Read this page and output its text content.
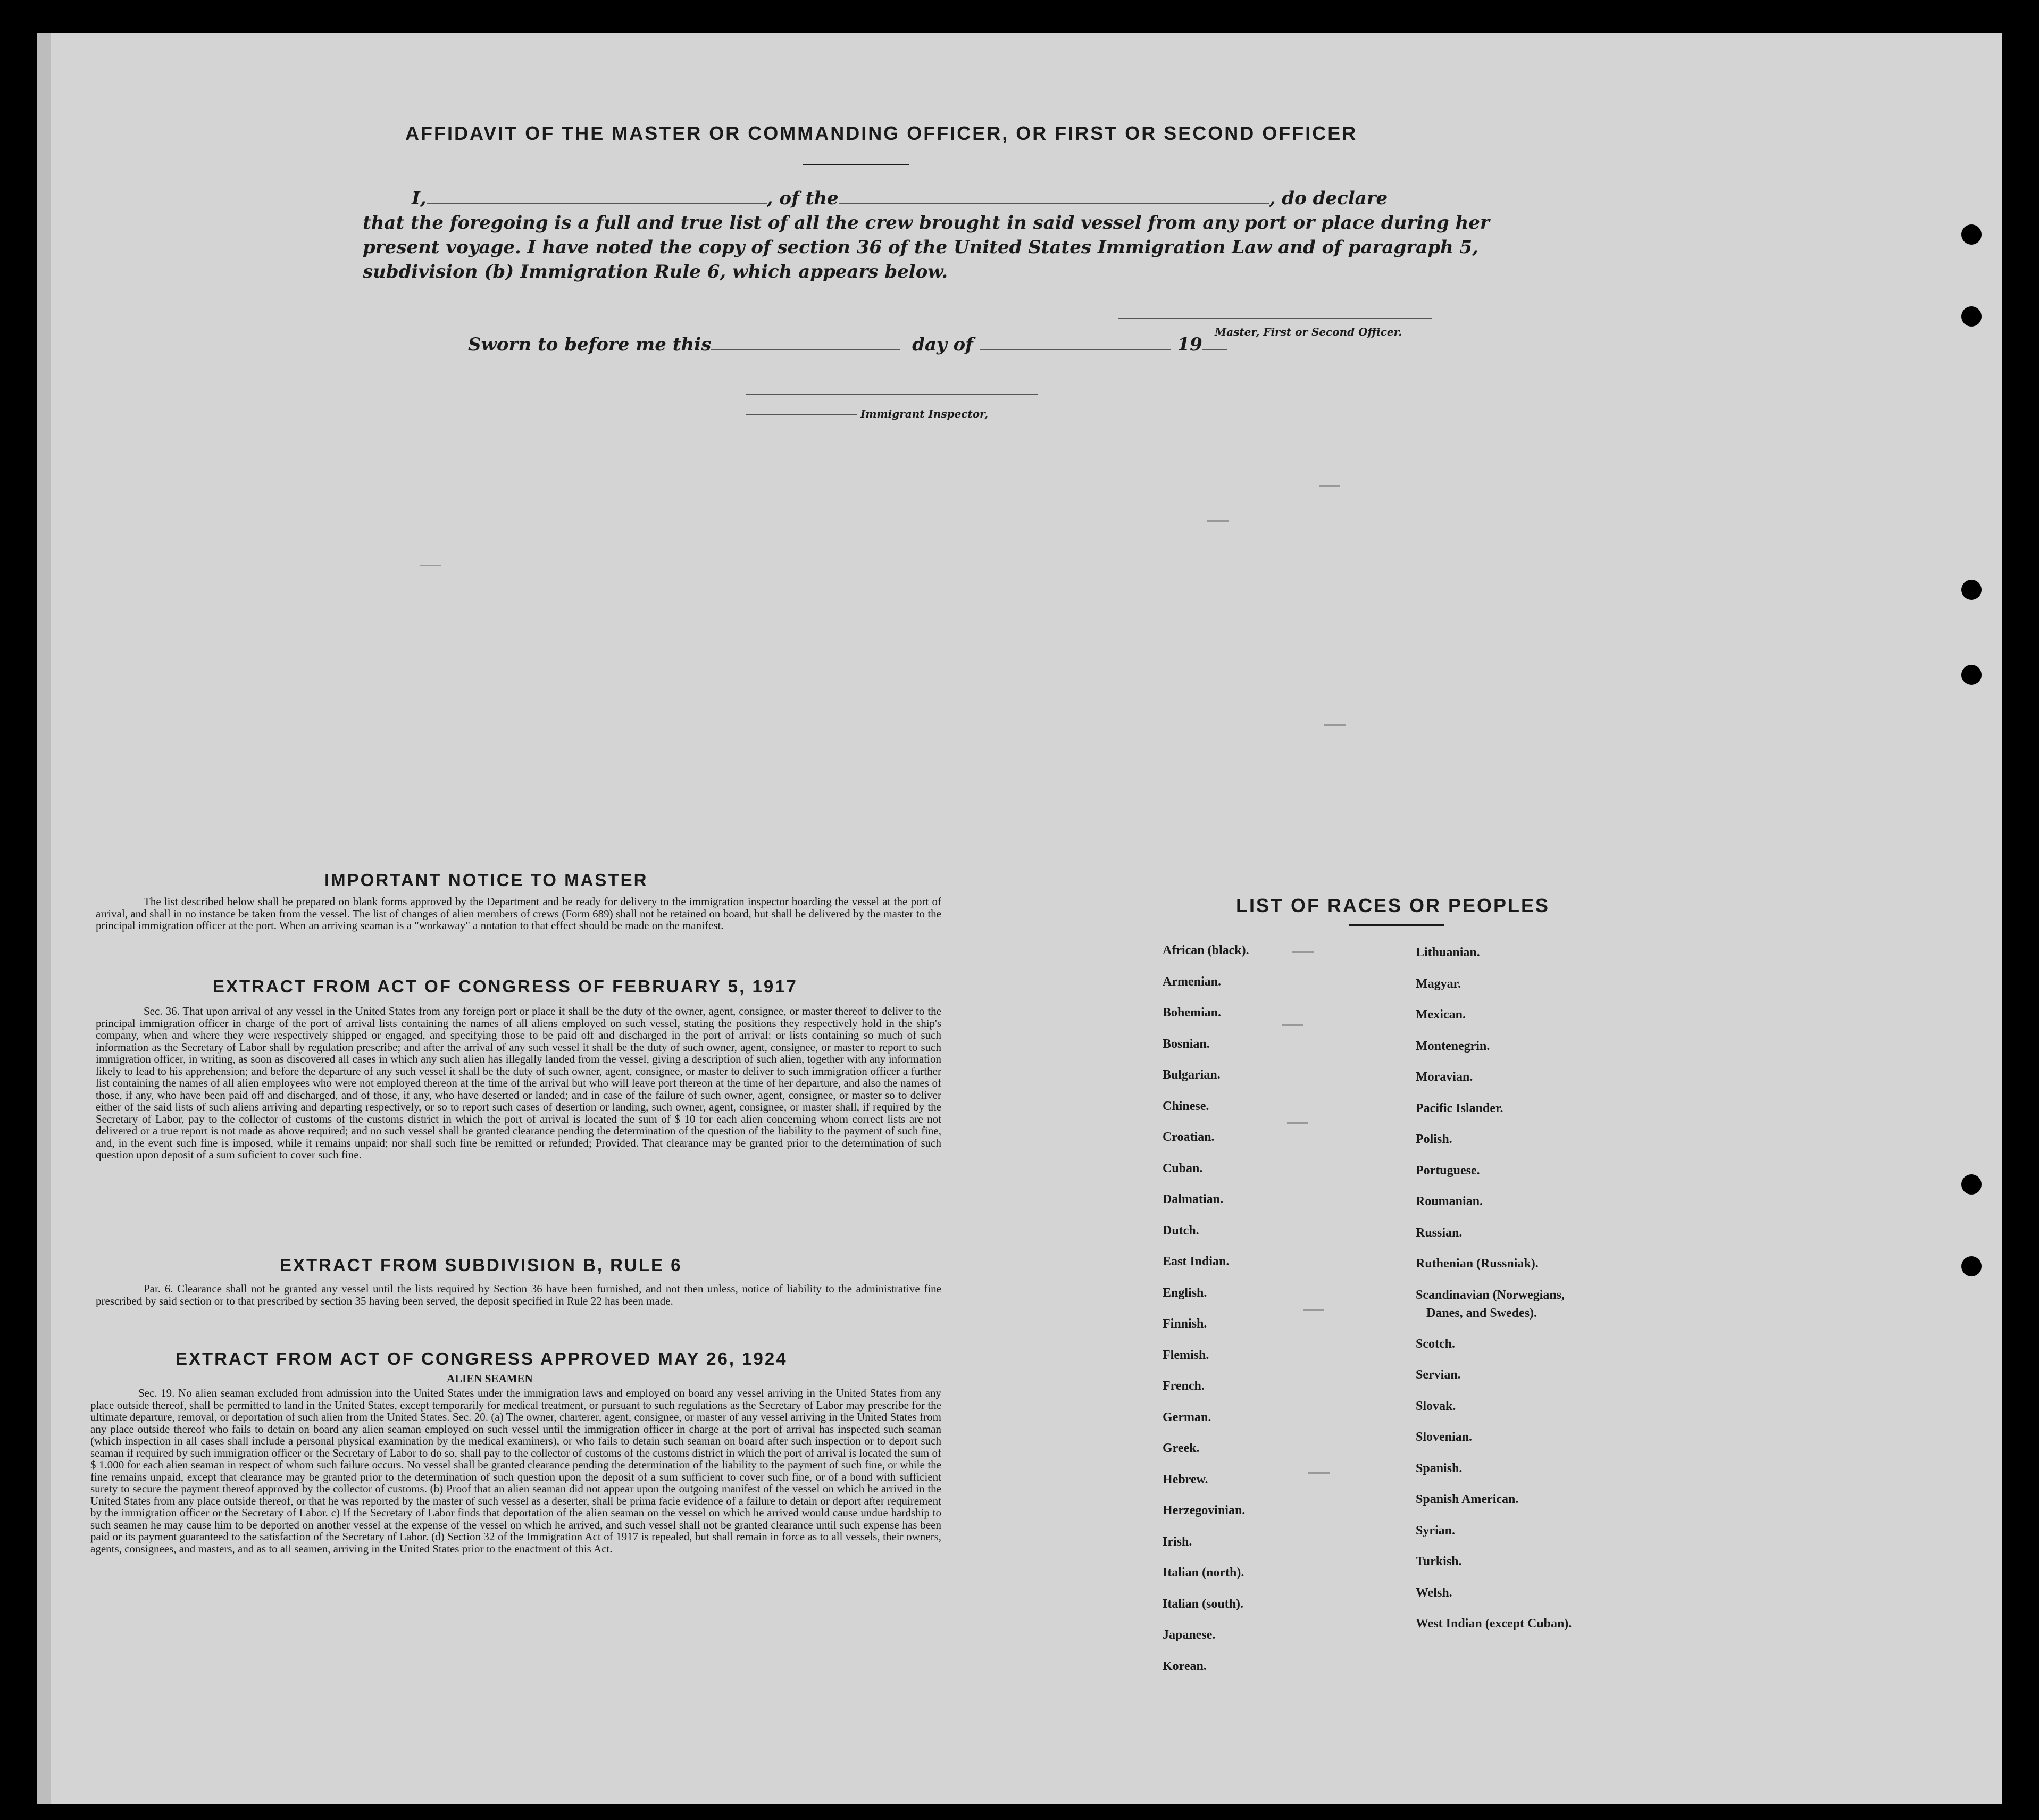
AFFIDAVIT OF THE MASTER OR COMMANDING OFFICER, OR FIRST OR SECOND OFFICER
I,	, of the	, do declare
that the foregoing is a full and true list of all the crew brought in said vessel from any port or place during her
present voyage. I have noted the copy of section 36 of the United States Immigration Law and of paragraph 5,
subdivision (b) Immigration Rule 6, which appears below.
Master, First or Second Officer.
Sworn to before me this	day of	19
Immigrant Inspector,
IMPORTANT NOTICE TO MASTER
The list described below shall be prepared on blank forms approved by the Department and be ready for delivery to the immigration inspector boarding the vessel at the port of arrival, and shall in no instance be taken from the vessel. The list of changes of alien members of crews (Form 689) shall not be retained on board, but shall be delivered by the master to the principal immigration officer at the port. When an arriving seaman is a "workaway" a notation to that effect should be made on the manifest.
EXTRACT FROM ACT OF CONGRESS OF FEBRUARY 5, 1917
Sec. 36. That upon arrival of any vessel in the United States from any foreign port or place it shall be the duty of the owner, agent, consignee, or master thereof to deliver to the principal immigration officer in charge of the port of arrival lists containing the names of all aliens employed on such vessel, stating the positions they respectively hold in the ship's company, when and where they were respectively shipped or engaged, and specifying those to be paid off and discharged in the port of arrival: or lists containing so much of such information as the Secretary of Labor shall by regulation prescribe; and after the arrival of any such vessel it shall be the duty of such owner, agent, consignee, or master to report to such immigration officer, in writing, as soon as discovered all cases in which any such alien has illegally landed from the vessel, giving a description of such alien, together with any information likely to lead to his apprehension; and before the departure of any such vessel it shall be the duty of such owner, agent, consignee, or master to deliver to such immigration officer a further list containing the names of all alien employees who were not employed thereon at the time of the arrival but who will leave port thereon at the time of her departure, and also the names of those, if any, who have been paid off and discharged, and of those, if any, who have deserted or landed; and in case of the failure of such owner, agent, consignee, or master so to deliver either of the said lists of such aliens arriving and departing respectively, or so to report such cases of desertion or landing, such owner, agent, consignee, or master shall, if required by the Secretary of Labor, pay to the collector of customs of the customs district in which the port of arrival is located the sum of $ 10 for each alien concerning whom correct lists are not delivered or a true report is not made as above required; and no such vessel shall be granted clearance pending the determination of the question of the liability to the payment of such fine, and, in the event such fine is imposed, while it remains unpaid; nor shall such fine be remitted or refunded; Provided. That clearance may be granted prior to the determination of such question upon deposit of a sum suficient to cover such fine.
EXTRACT FROM SUBDIVISION B, RULE 6
Par. 6. Clearance shall not be granted any vessel until the lists required by Section 36 have been furnished, and not then unless, notice of liability to the administrative fine prescribed by said section or to that prescribed by section 35 having been served, the deposit specified in Rule 22 has been made.
EXTRACT FROM ACT OF CONGRESS APPROVED MAY 26, 1924
ALIEN SEAMEN
Sec. 19. No alien seaman excluded from admission into the United States under the immigration laws and employed on board any vessel arriving in the United States from any place outside thereof, shall be permitted to land in the United States, except temporarily for medical treatment, or pursuant to such regulations as the Secretary of Labor may prescribe for the ultimate departure, removal, or deportation of such alien from the United States. Sec. 20. (a) The owner, charterer, agent, consignee, or master of any vessel arriving in the United States from any place outside thereof who fails to detain on board any alien seaman employed on such vessel until the immigration officer in charge at the port of arrival has inspected such seaman (which inspection in all cases shall include a personal physical examination by the medical examiners), or who fails to detain such seaman on board after such inspection or to deport such seaman if required by such immigration officer or the Secretary of Labor to do so, shall pay to the collector of customs of the customs district in which the port of arrival is located the sum of $ 1.000 for each alien seaman in respect of whom such failure occurs. No vessel shall be granted clearance pending the determination of the liability to the payment of such fine, or while the fine remains unpaid, except that clearance may be granted prior to the determination of such question upon the deposit of a sum sufficient to cover such fine, or of a bond with sufficient surety to secure the payment thereof approved by the collector of customs. (b) Proof that an alien seaman did not appear upon the outgoing manifest of the vessel on which he arrived in the United States from any place outside thereof, or that he was reported by the master of such vessel as a deserter, shall be prima facie evidence of a failure to detain or deport after requirement by the immigration officer or the Secretary of Labor. c) If the Secretary of Labor finds that deportation of the alien seaman on the vessel on which he arrived would cause undue hardship to such seamen he may cause him to be deported on another vessel at the expense of the vessel on which he arrived, and such vessel shall not be granted clearance until such expense has been paid or its payment guaranteed to the satisfaction of the Secretary of Labor. (d) Section 32 of the Immigration Act of 1917 is repealed, but shall remain in force as to all vessels, their owners, agents, consignees, and masters, and as to all seamen, arriving in the United States prior to the enactment of this Act.
LIST OF RACES OR PEOPLES
African (black).
Armenian.
Bohemian.
Bosnian.
Bulgarian.
Chinese.
Croatian.
Cuban.
Dalmatian.
Dutch.
East Indian.
English.
Finnish.
Flemish.
French.
German.
Greek.
Hebrew.
Herzegovinian.
Irish.
Italian (north).
Italian (south).
Japanese.
Korean.
Lithuanian.
Magyar.
Mexican.
Montenegrin.
Moravian.
Pacific Islander.
Polish.
Portuguese.
Roumanian.
Russian.
Ruthenian (Russniak).
Scandinavian (Norwegians,
Danes, and Swedes).
Scotch.
Servian.
Slovak.
Slovenian.
Spanish.
Spanish American.
Syrian.
Turkish.
Welsh.
West Indian (except Cuban).
